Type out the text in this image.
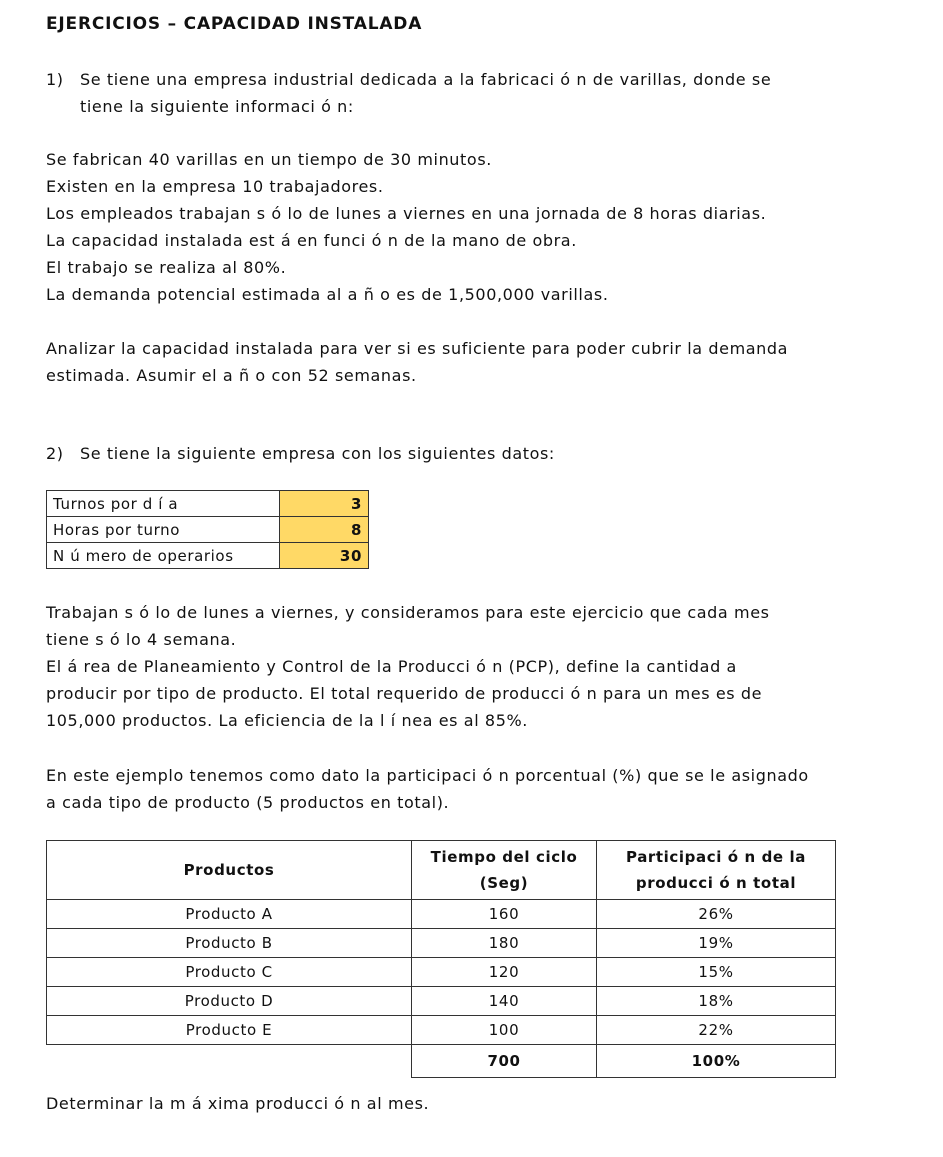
EJERCICIOS – CAPACIDAD INSTALADA
1) Se tiene una empresa industrial dedicada a la fabricaci ó n de varillas, donde se
tiene la siguiente informaci ó n:
Se fabrican 40 varillas en un tiempo de 30 minutos.
Existen en la empresa 10 trabajadores.
Los empleados trabajan s ó lo de lunes a viernes en una jornada de 8 horas diarias.
La capacidad instalada est á en funci ó n de la mano de obra.
El trabajo se realiza al 80%.
La demanda potencial estimada al a ñ o es de 1,500,000 varillas.
Analizar la capacidad instalada para ver si es suficiente para poder cubrir la demanda
estimada. Asumir el a ñ o con 52 semanas.
2) Se tiene la siguiente empresa con los siguientes datos:
Turnos por d í a	3
Horas por turno	8
N ú mero de operarios	30
Trabajan s ó lo de lunes a viernes, y consideramos para este ejercicio que cada mes
tiene s ó lo 4 semana.
El á rea de Planeamiento y Control de la Producci ó n (PCP), define la cantidad a
producir por tipo de producto. El total requerido de producci ó n para un mes es de
105,000 productos. La eficiencia de la l í nea es al 85%.
En este ejemplo tenemos como dato la participaci ó n porcentual (%) que se le asignado
a cada tipo de producto (5 productos en total).
Productos	Tiempo del ciclo (Seg)	Participaci ó n de la producci ó n total
Producto A	160	26%
Producto B	180	19%
Producto C	120	15%
Producto D	140	18%
Producto E	100	22%
	700	100%
Determinar la m á xima producci ó n al mes.
